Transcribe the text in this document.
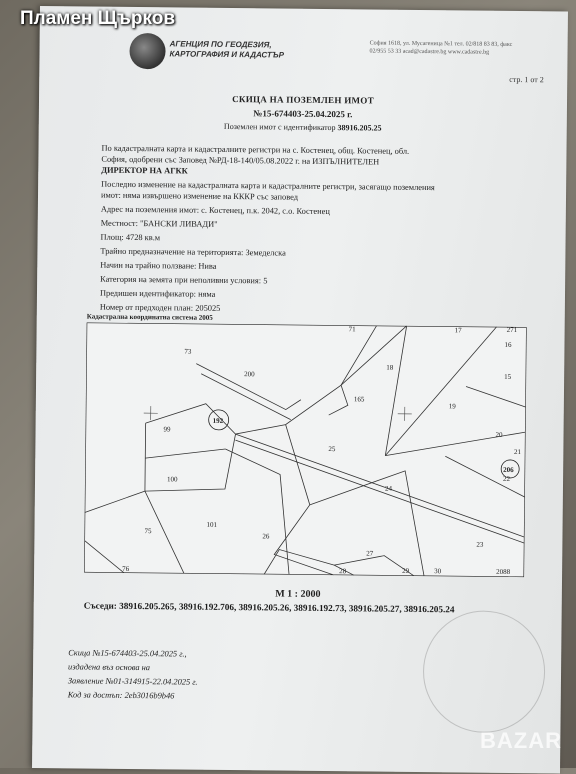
Пламен Щърков
АГЕНЦИЯ ПО ГЕОДЕЗИЯ, КАРТОГРАФИЯ И КАДАСТЪР
София 1618, ул. Мусагеница №1 тел. 02/818 83 83, факс 02/955 53 33 acad@cadastre.bg www.cadastre.bg
стр. 1 от 2
СКИЦА НА ПОЗЕМЛЕН ИМОТ
№15-674403-25.04.2025 г.
Поземлен имот с идентификатор 38916.205.25
По кадастралната карта и кадастралните регистри на с. Костенец, общ. Костенец, обл.
София, одобрени със Заповед №РД-18-140/05.08.2022 г. на ИЗПЪЛНИТЕЛЕН
ДИРЕКТОР НА АГКК
Последно изменение на кадастралната карта и кадастралните регистри, засягащо поземления
имот: няма извършено изменение на КККР със заповед
Адрес на поземления имот: с. Костенец, п.к. 2042, с.о. Костенец
Местност: "БАНСКИ ЛИВАДИ"
Площ: 4728 кв.м
Трайно предназначение на територията: Земеделска
Начин на трайно ползване: Нива
Категория на земята при неполивни условия: 5
Предишен идентификатор: няма
Номер от предходен план: 205025
Кадастрална координатна система 2005
73
99
192
100
101
75
76
26
25
27
28	29	30
18
17
16
15
19
20
21
206
22
23
24
71
200
165
271
2088
М 1 : 2000
Съседи: 38916.205.265, 38916.192.706, 38916.205.26, 38916.192.73, 38916.205.27, 38916.205.24
Скица №15-674403-25.04.2025 г.,
издадена въз основа на
Заявление №01-314915-22.04.2025 г.
Код за достъп: 2eb3016b9b46
BAZAR
